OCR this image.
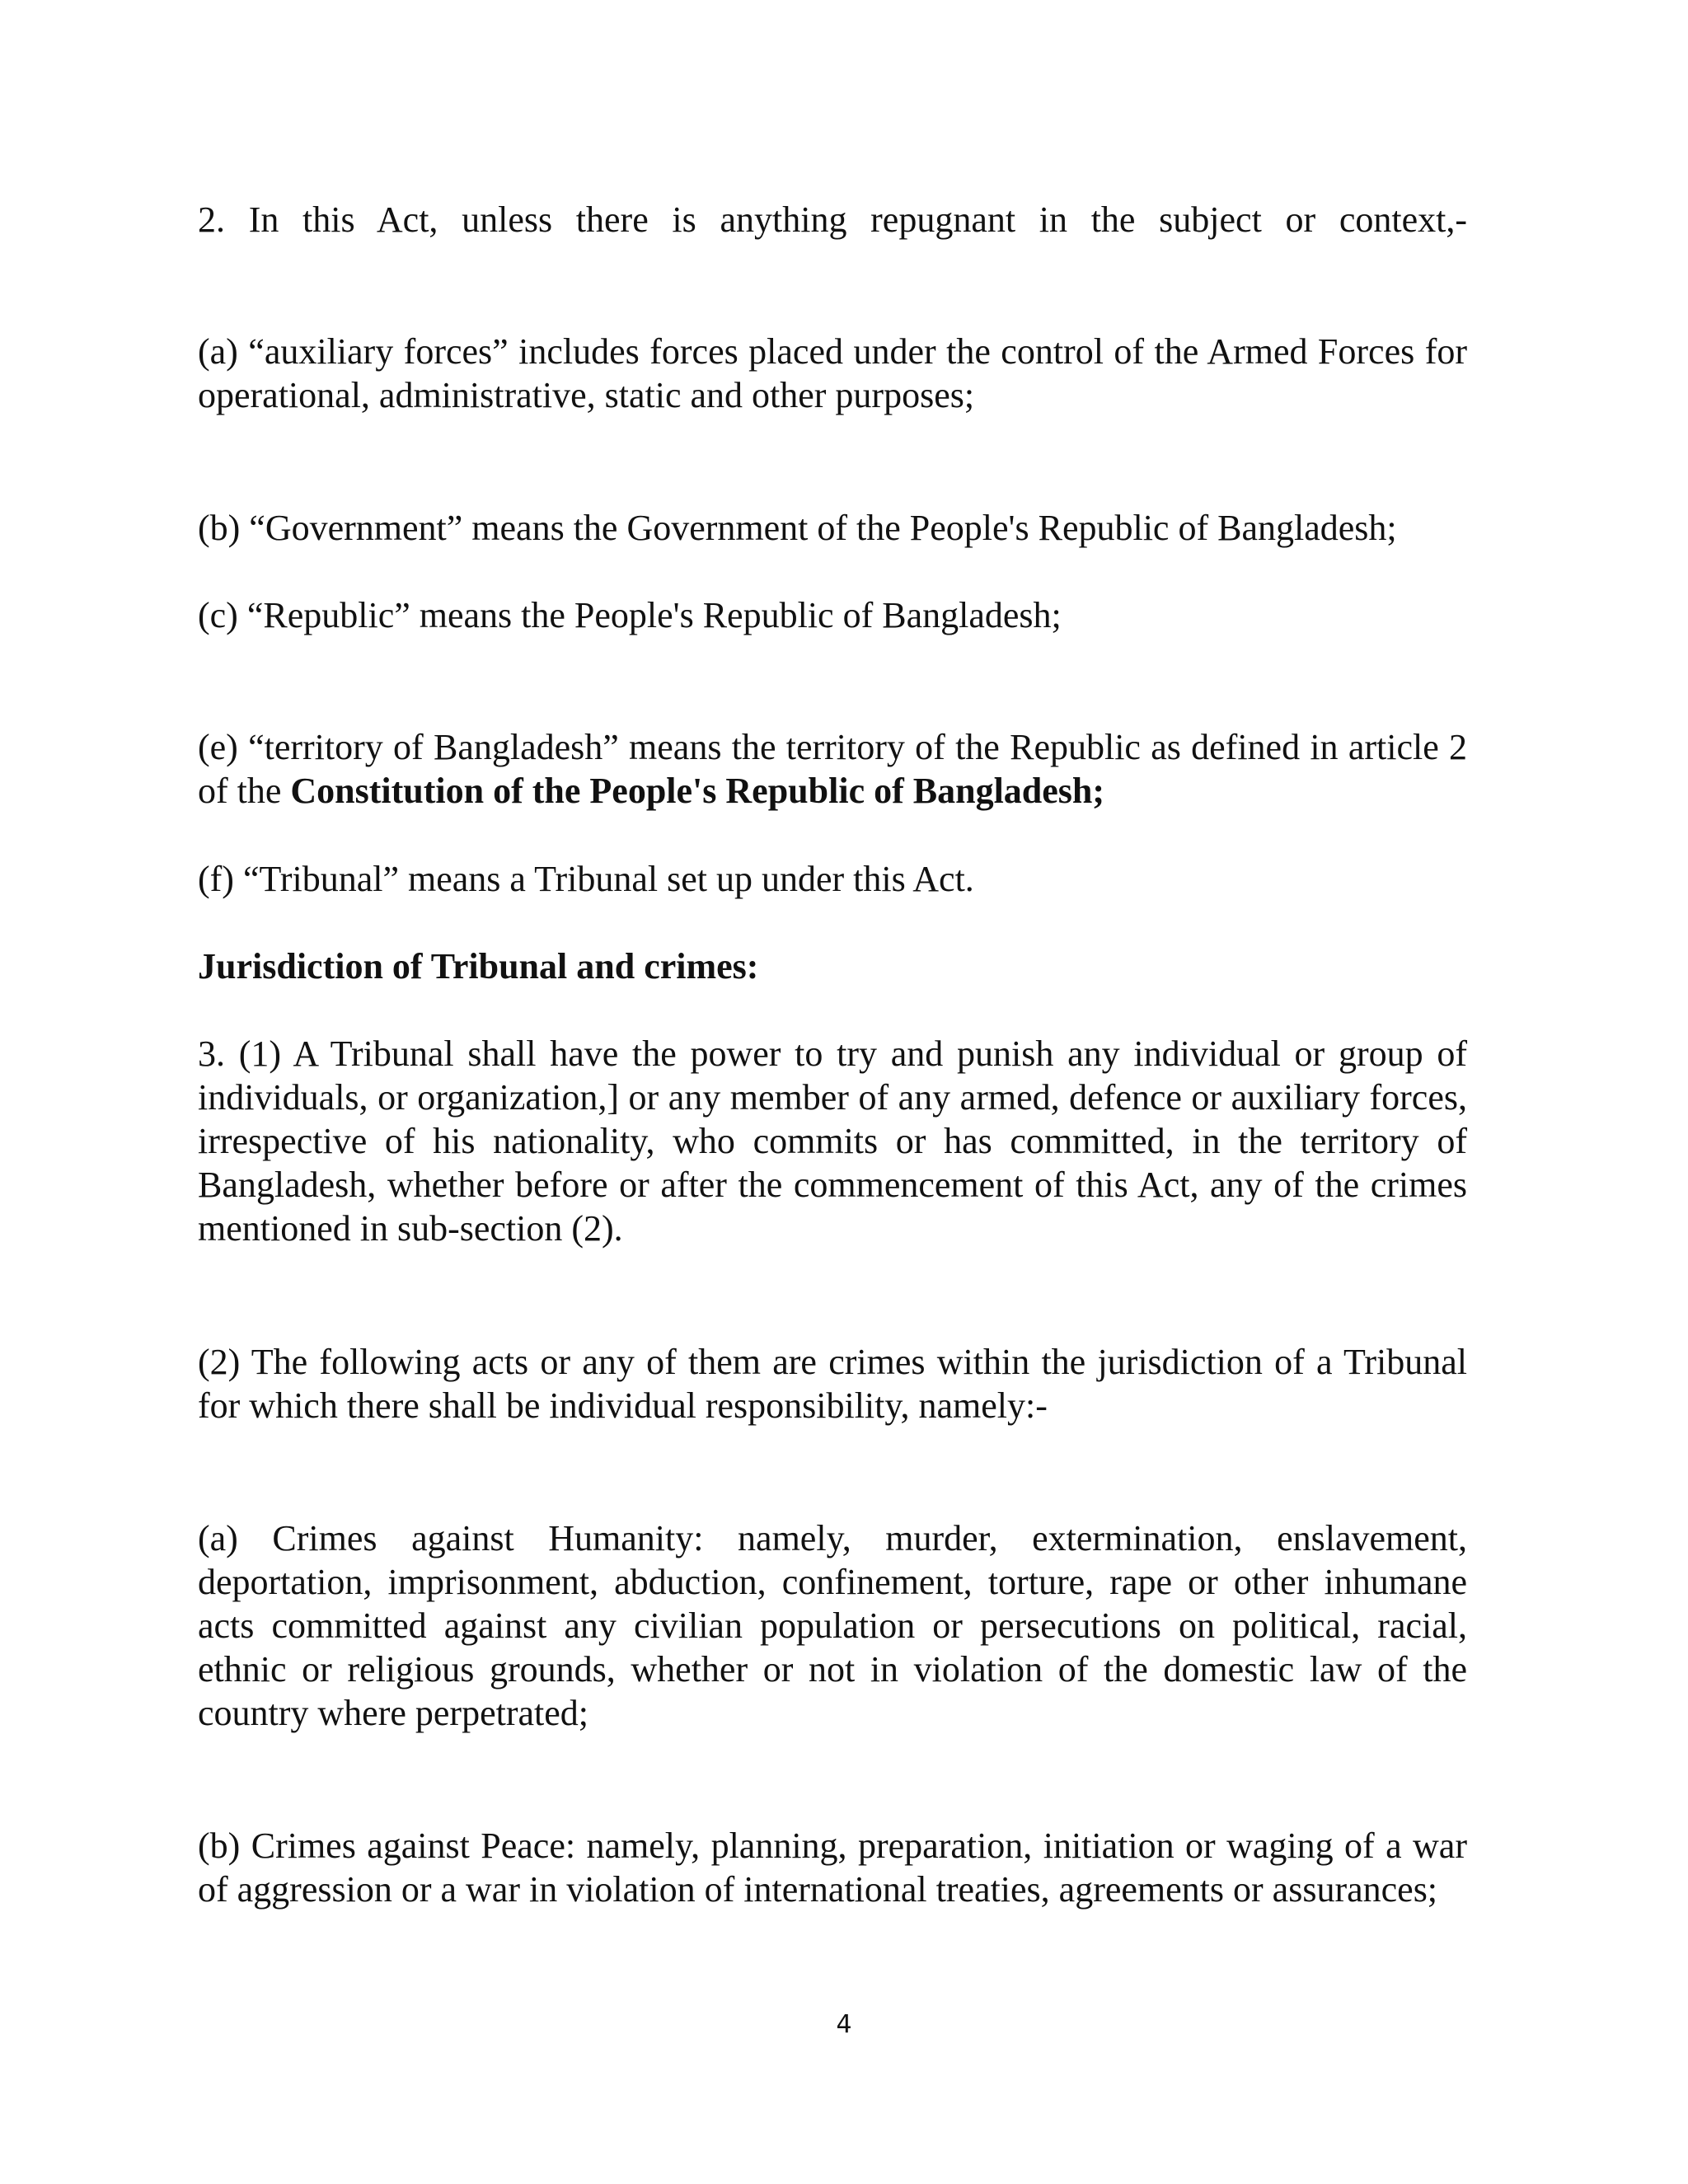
2. In this Act, unless there is anything repugnant in the subject or context,-

(a) “auxiliary forces” includes forces placed under the control of the Armed Forces for operational, administrative, static and other purposes;

(b) “Government” means the Government of the People's Republic of Bangladesh;

(c) “Republic” means the People's Republic of Bangladesh;

(e) “territory of Bangladesh” means the territory of the Republic as defined in article 2 of the Constitution of the People's Republic of Bangladesh;

(f) “Tribunal” means a Tribunal set up under this Act.

Jurisdiction of Tribunal and crimes:

3. (1) A Tribunal shall have the power to try and punish any individual or group of individuals, or organization,] or any member of any armed, defence or auxiliary forces, irrespective of his nationality, who commits or has committed, in the territory of Bangladesh, whether before or after the commencement of this Act, any of the crimes mentioned in sub-section (2).

(2) The following acts or any of them are crimes within the jurisdiction of a Tribunal for which there shall be individual responsibility, namely:-

(a) Crimes against Humanity: namely, murder, extermination, enslavement, deportation, imprisonment, abduction, confinement, torture, rape or other inhumane acts committed against any civilian population or persecutions on political, racial, ethnic or religious grounds, whether or not in violation of the domestic law of the country where perpetrated;

(b) Crimes against Peace: namely, planning, preparation, initiation or waging of a war of aggression or a war in violation of international treaties, agreements or assurances;

4
